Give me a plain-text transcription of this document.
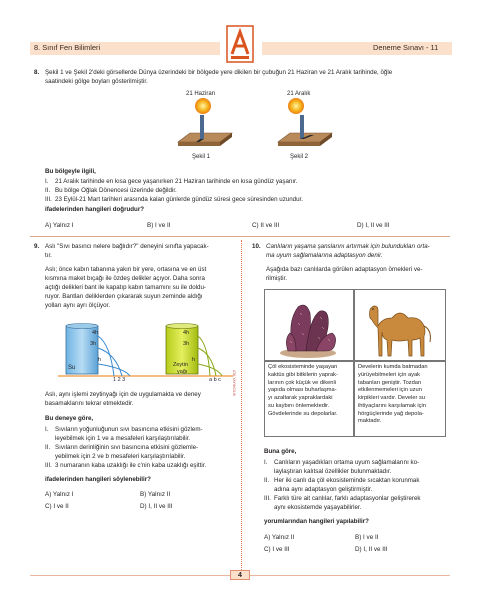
8. Sınıf Fen Bilimleri	Deneme Sınavı - 11
8. Şekil 1 ve Şekil 2'deki görsellerde Dünya üzerindeki bir bölgede yere dikilen bir çubuğun 21 Haziran ve 21 Aralık tarihinde, öğle
saatindeki gölge boyları gösterilmiştir.
21 Haziran	21 Aralık
Şekil 1	Şekil 2
Bu bölgeyle ilgili,
I. 21 Aralık tarihinde en kısa gece yaşanırken 21 Haziran tarihinde en kısa gündüz yaşanır.
II. Bu bölge Oğlak Dönencesi üzerinde değildir.
III. 23 Eylül-21 Mart tarihleri arasında kalan günlerde gündüz süresi gece süresinden uzundur.
ifadelerinden hangileri doğrudur?
A) Yalnız I	B) I ve II	C) II ve III	D) I, II ve III
ATA YAYINCILIK
9. Aslı "Sıvı basıncı nelere bağlıdır?" deneyini sınıfta yapacak-
tır.
Aslı; önce kabın tabanına yakın bir yere, ortasına ve en üst
kısmına maket bıçağı ile özdeş delikler açıyor. Daha sonra
açtığı delikleri bant ile kapatıp kabın tamamını su ile doldu-
ruyor. Bantları deliklerden çıkararak suyun zeminde aldığı
yolları aynı ayrı ölçüyor.
4h
3h
h
Su
1 2 3
4h
3h
h
Zeytin
yağı
a b c
Aslı, aynı işlemi zeytinyağı için de uygulamakta ve deney
basamaklarını tekrar etmektedir.
Bu deneye göre,
I. Sıvıların yoğunluğunun sıvı basıncına etkisini gözlem-
leyebilmek için 1 ve a mesafeleri karşılaştırılabilir.
II. Sıvıların derinliğinin sıvı basıncına etkisini gözlemle-
yebilmek için 2 ve b mesafeleri karşılaştırılabilir.
III. 3 numaranın kaba uzaklığı ile c'nin kaba uzaklığı eşittir.
ifadelerinden hangileri söylenebilir?
A) Yalnız I	B) Yalnız II
C) I ve II	D) I, II ve III
10. Canlıların yaşama şanslarını artırmak için bulundukları orta-
ma uyum sağlamalarına adaptasyon denir.
Aşağıda bazı canlılarda görülen adaptasyon örnekleri ve-
rilmiştir.
Çöl ekosisteminde yaşayan
kaktüs gibi bitkilerin yaprak-
larının çok küçük ve dikenli
yapıda olması buharlaşma-
yı azaltarak yapraklardaki
su kaybını önlemektedir.
Gövdelerinde su depolarlar.
Develerin kumda batmadan
yürüyebilmeleri için ayak
tabanları geniştir. Tozdan
etkilenmemeleri için uzun
kirpikleri vardır. Develer su
ihtiyaçlarını karşılamak için
hörgüçlerinde yağ depola-
maktadır.
Buna göre,
I. Canlıların yaşadıkları ortama uyum sağlamalarını ko-
laylaştıran kalıtsal özellikler bulunmaktadır.
II. Her iki canlı da çöl ekosisteminde sıcaktan korunmak
adına aynı adaptasyon geliştirmiştir.
III. Farklı türe ait canlılar, farklı adaptasyonlar geliştirerek
aynı ekosistemde yaşayabilirler.
yorumlarından hangileri yapılabilir?
A) Yalnız II	B) I ve II
C) I ve III	D) I, II ve III
4
